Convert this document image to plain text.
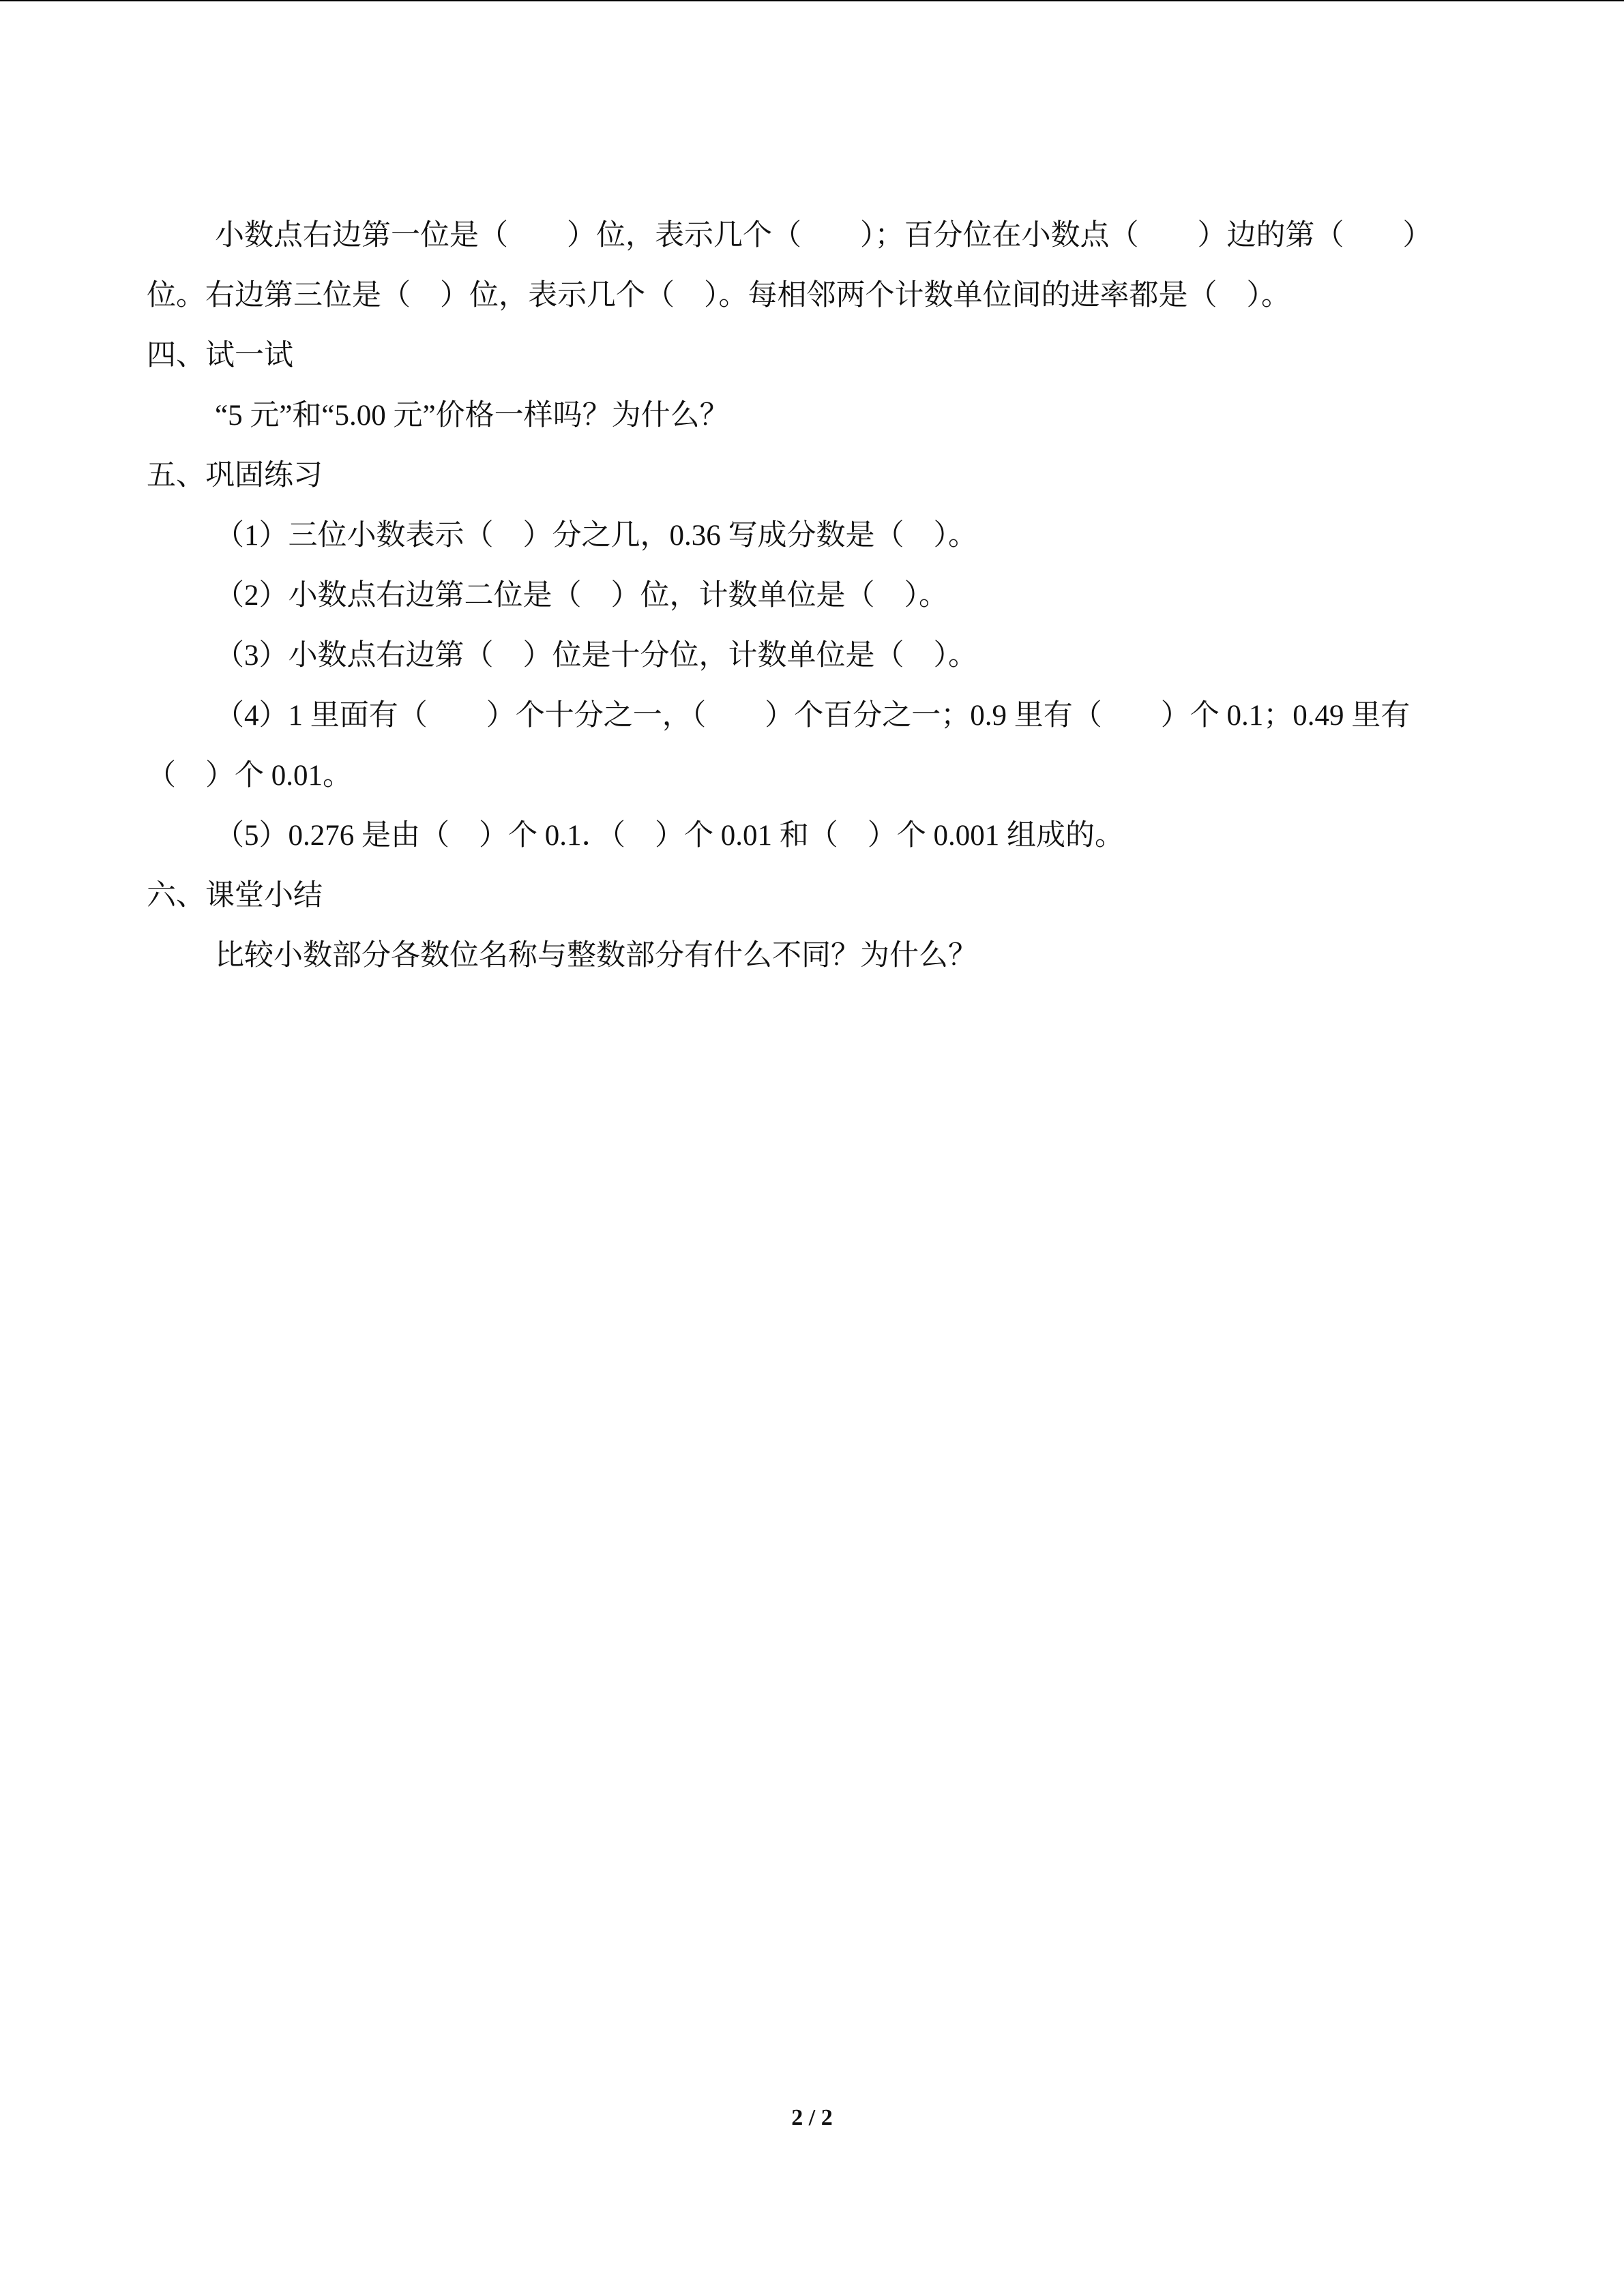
小数点右边第一位是（　　）位，表示几个（　　）；百分位在小数点（　　）边的第（　　）
位。右边第三位是（　）位，表示几个（　）。每相邻两个计数单位间的进率都是（　）。
四、试一试
“5 元”和“5.00 元”价格一样吗？为什么？
五、巩固练习
（1）三位小数表示（　）分之几，0.36 写成分数是（　）。
（2）小数点右边第二位是（　）位，计数单位是（　）。
（3）小数点右边第（　）位是十分位，计数单位是（　）。
（4）1 里面有（　　）个十分之一，（　　）个百分之一；0.9 里有（　　）个 0.1；0.49 里有
（　）个 0.01。
（5）0.276 是由（　）个 0.1．（　）个 0.01 和（　）个 0.001 组成的。
六、课堂小结
比较小数部分各数位名称与整数部分有什么不同？为什么？
2 / 2
